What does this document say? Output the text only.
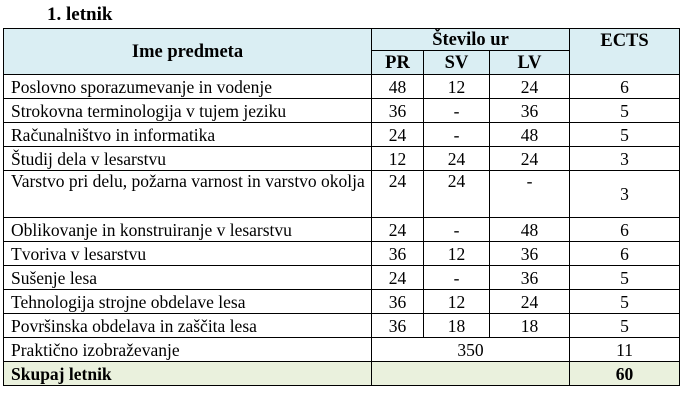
1. letnik
Ime predmeta	Število ur			ECTS
	PR	SV	LV	
Poslovno sporazumevanje in vodenje	48	12	24	6
Strokovna terminologija v tujem jeziku	36	-	36	5
Računalništvo in informatika	24	-	48	5
Študij dela v lesarstvu	12	24	24	3
Varstvo pri delu, požarna varnost in varstvo okolja	24	24	-	3
Oblikovanje in konstruiranje v lesarstvu	24	-	48	6
Tvoriva v lesarstvu	36	12	36	6
Sušenje lesa	24	-	36	5
Tehnologija strojne obdelave lesa	36	12	24	5
Površinska obdelava in zaščita lesa	36	18	18	5
Praktično izobraževanje	350			11
Skupaj letnik				60
